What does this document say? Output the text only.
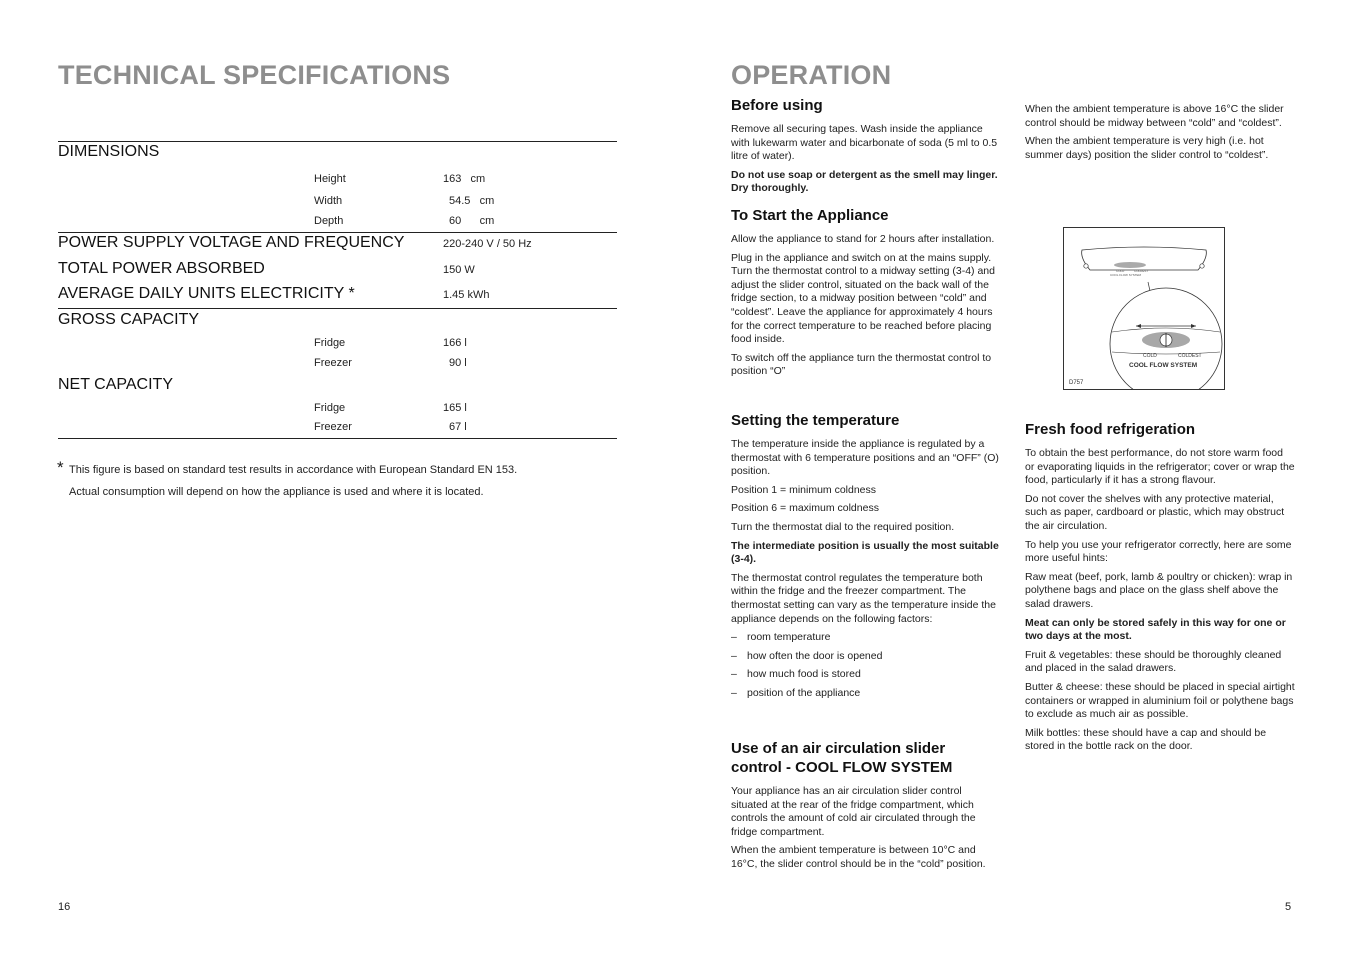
TECHNICAL SPECIFICATIONS
DIMENSIONS
Height	163   cm
Width	54.5   cm
Depth	60      cm
POWER SUPPLY VOLTAGE AND FREQUENCY	220-240 V / 50 Hz
TOTAL POWER ABSORBED	150 W
AVERAGE DAILY UNITS ELECTRICITY *	1.45 kWh
GROSS CAPACITY
Fridge	166 l
Freezer	90 l
NET CAPACITY
Fridge	165 l
Freezer	67 l
* This figure is based on standard test results in accordance with European Standard EN 153.
Actual consumption will depend on how the appliance is used and where it is located.
16
OPERATION
Before using

Remove all securing tapes. Wash inside the appliance with lukewarm water and bicarbonate of soda (5 ml to 0.5 litre of water).

Do not use soap or detergent as the smell may linger. Dry thoroughly.

To Start the Appliance

Allow the appliance to stand for 2 hours after installation.

Plug in the appliance and switch on at the mains supply. Turn the thermostat control to a midway setting (3-4) and adjust the slider control, situated on the back wall of the fridge section, to a midway position between “cold” and “coldest”. Leave the appliance for approximately 4 hours for the correct temperature to be reached before placing food inside.

To switch off the appliance turn the thermostat control to position “O”

Setting the temperature

The temperature inside the appliance is regulated by a thermostat with 6 temperature positions and an “OFF” (O) position.

Position 1 = minimum coldness

Position 6 = maximum coldness

Turn the thermostat dial to the required position.

The intermediate position is usually the most suitable (3-4).

The thermostat control regulates the temperature both within the fridge and the freezer compartment. The thermostat setting can vary as the temperature inside the appliance depends on the following factors:

– room temperature
– how often the door is opened
– how much food is stored
– position of the appliance
Use of an air circulation slider control - COOL FLOW SYSTEM

Your appliance has an air circulation slider control situated at the rear of the fridge compartment, which controls the amount of cold air circulated through the fridge compartment.

When the ambient temperature is between 10°C and 16°C, the slider control should be in the “cold” position.

When the ambient temperature is above 16°C the slider control should be midway between “cold” and “coldest”.

When the ambient temperature is very high (i.e. hot summer days) position the slider control to “coldest”.

COLD	COLDEST
COOL FLOW SYSTEM
COLD	COLDEST
COOL FLOW SYSTEM
D757
Fresh food refrigeration

To obtain the best performance, do not store warm food or evaporating liquids in the refrigerator; cover or wrap the food, particularly if it has a strong flavour.

Do not cover the shelves with any protective material, such as paper, cardboard or plastic, which may obstruct the air circulation.

To help you use your refrigerator correctly, here are some more useful hints:

Raw meat (beef, pork, lamb & poultry or chicken): wrap in polythene bags and place on the glass shelf above the salad drawers.

Meat can only be stored safely in this way for one or two days at the most.

Fruit & vegetables: these should be thoroughly cleaned and placed in the salad drawers.

Butter & cheese: these should be placed in special airtight containers or wrapped in aluminium foil or polythene bags to exclude as much air as possible.

Milk bottles: these should have a cap and should be stored in the bottle rack on the door.

5
